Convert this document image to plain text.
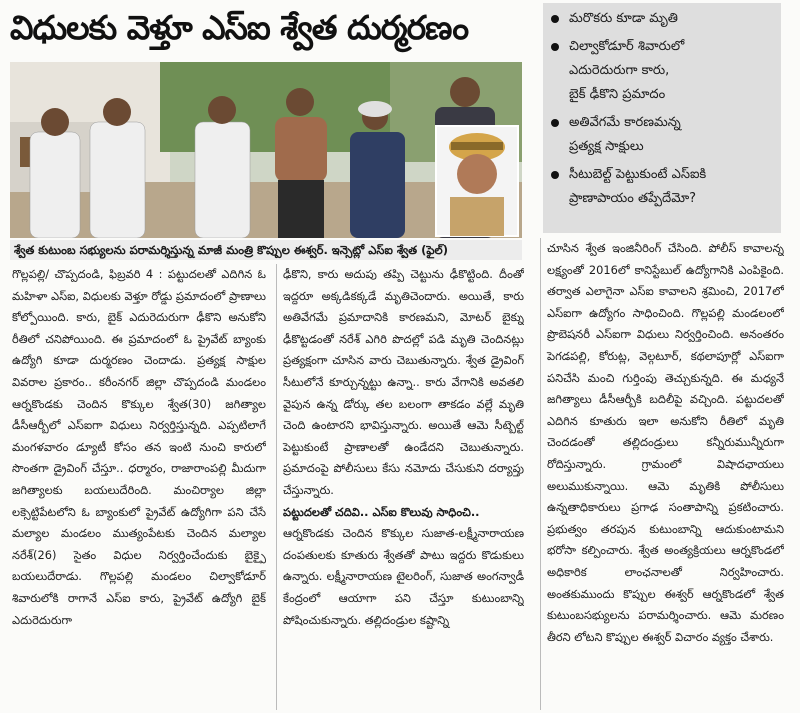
విధులకు వెళ్తూ ఎస్ఐ శ్వేత దుర్మరణం
శ్వేత కుటుంబ సభ్యులను పరామర్శిస్తున్న మాజీ మంత్రి కొప్పుల ఈశ్వర్. ఇన్సెట్లో ఎస్ఐ శ్వేత (ఫైల్)
మరొకరు కూడా మృతి
చిల్వాకోడూర్ శివారులో
ఎదురెదురుగా కారు,
బైక్ ఢీకొని ప్రమాదం
అతివేగమే కారణమన్న
ప్రత్యక్ష సాక్షులు
సీటుబెల్ట్ పెట్టుకుంటే ఎస్ఐకి
ప్రాణాపాయం తప్పేదేమో?

గొల్లపల్లి/ చొప్పదండి, ఫిబ్రవరి 4 : పట్టుదలతో ఎదిగిన ఓ మహిళా ఎస్ఐ, విధులకు వెళ్తూ రోడ్డు ప్రమాదంలో ప్రాణాలు కోల్పోయింది. కారు, బైక్ ఎదురెదురుగా ఢీకొని అనుకోని రీతిలో చనిపోయింది. ఈ ప్రమాదంలో ఓ ప్రైవేట్ బ్యాంకు ఉద్యోగి కూడా దుర్మరణం చెందాడు. ప్రత్యక్ష సాక్షుల వివరాల ప్రకారం.. కరీంనగర్ జిల్లా చొప్పదండి మండలం ఆర్నకొండకు చెందిన కొక్కుల శ్వేత(30) జగిత్యాల డీసీఆర్బీలో ఎస్ఐగా విధులు నిర్వర్తిస్తున్నది. ఎప్పటిలాగే మంగళవారం డ్యూటీ కోసం తన ఇంటి నుంచి కారులో సొంతగా డ్రైవింగ్ చేస్తూ.. ధర్మారం, రాజారాంపల్లి మీదుగా జగిత్యాలకు బయలుదేరింది. మంచిర్యాల జిల్లా లక్సెట్టిపేటలోని ఓ బ్యాంకులో ప్రైవేట్ ఉద్యోగిగా పని చేసే మల్యాల మండలం ముత్యంపేటకు చెందిన మల్యాల నరేశ్(26) సైతం విధుల నిర్వర్తించేందుకు బైక్పై బయలుదేరాడు. గొల్లపల్లి మండలం చిల్వాకోడూర్ శివారులోకి రాగానే ఎస్ఐ కారు, ప్రైవేట్ ఉద్యోగి బైక్ ఎదురెదురుగా

ఢీకొని, కారు అదుపు తప్పి చెట్టును ఢీకొట్టింది. దీంతో ఇద్దరూ అక్కడికక్కడే మృతిచెందారు. అయితే, కారు అతివేగమే ప్రమాదానికి కారణమని, మోటర్ బైక్ను ఢీకొట్టడంతో నరేశ్ ఎగిరి పొదల్లో పడి మృతి చెందినట్లు ప్రత్యక్షంగా చూసిన వారు చెబుతున్నారు. శ్వేత డ్రైవింగ్ సీటులోనే కూర్చున్నట్టు ఉన్నా.. కారు వేగానికి అవతలి వైపున ఉన్న డోర్కు తల బలంగా తాకడం వల్లే మృతి చెంది ఉంటారని భావిస్తున్నారు. అయితే ఆమె సీట్బెల్ట్ పెట్టుకుంటే ప్రాణాలతో ఉండేదని చెబుతున్నారు. ప్రమాదంపై పోలీసులు కేసు నమోదు చేసుకుని దర్యాప్తు చేస్తున్నారు.

పట్టుదలతో చదివి.. ఎస్ఐ కొలువు సాధించి..

ఆర్నకొండకు చెందిన కొక్కుల సుజాత-లక్ష్మీనారాయణ దంపతులకు కూతురు శ్వేతతో పాటు ఇద్దరు కొడుకులు ఉన్నారు. లక్ష్మీనారాయణ టైలరింగ్, సుజాత అంగన్వాడీ కేంద్రంలో ఆయాగా పని చేస్తూ కుటుంబాన్ని పోషించుకున్నారు. తల్లిదండ్రుల కష్టాన్ని

చూసిన శ్వేత ఇంజినీరింగ్ చేసింది. పోలీస్ కావాలన్న లక్ష్యంతో 2016లో కానిస్టేబుల్ ఉద్యోగానికి ఎంపికైంది. తర్వాత ఎలాగైనా ఎస్ఐ కావాలని శ్రమించి, 2017లో ఎస్ఐగా ఉద్యోగం సాధించింది. గొల్లపల్లి మండలంలో ప్రొబెషనరీ ఎస్ఐగా విధులు నిర్వర్తించింది. అనంతరం పెగడపల్లి, కోరుట్ల, వెల్గటూర్, కథలాపూర్లో ఎస్ఐగా పనిచేసి మంచి గుర్తింపు తెచ్చుకున్నది. ఈ మధ్యనే జగిత్యాలు డీసీఆర్బీకి బదిలీపై వచ్చింది. పట్టుదలతో ఎదిగిన కూతురు ఇలా అనుకోని రీతిలో మృతి చెందడంతో తల్లిదండ్రులు కన్నీరుమున్నీరుగా రోదిస్తున్నారు. గ్రామంలో విషాదఛాయలు అలుముకున్నాయి. ఆమె మృతికి పోలీసులు ఉన్నతాధికారులు ప్రగాఢ సంతాపాన్ని ప్రకటించారు. ప్రభుత్వం తరపున కుటుంబాన్ని ఆదుకుంటామని భరోసా కల్పించారు. శ్వేత అంత్యక్రియలు ఆర్నకొండలో అధికారిక లాంఛనాలతో నిర్వహించారు. అంతకుముందు కొప్పుల ఈశ్వర్ ఆర్నకొండలో శ్వేత కుటుంబసభ్యులను పరామర్శించారు. ఆమె మరణం తీరని లోటని కొప్పుల ఈశ్వర్ విచారం వ్యక్తం చేశారు.
